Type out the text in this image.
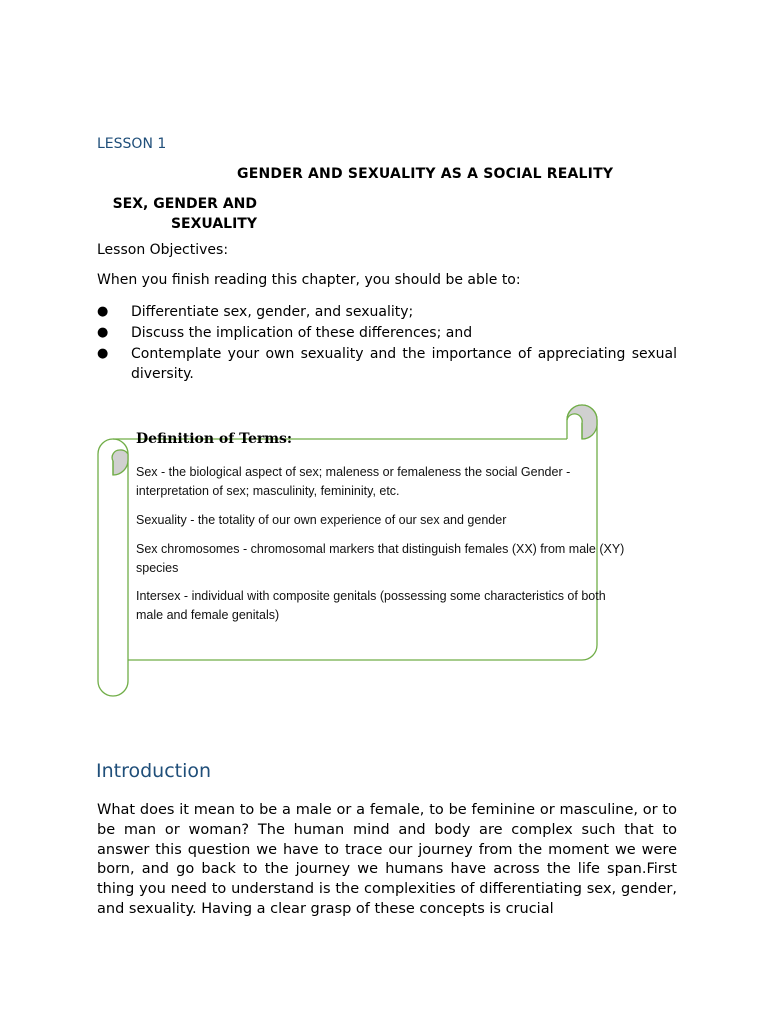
LESSON 1
GENDER AND SEXUALITY AS A SOCIAL REALITY
SEX, GENDER AND
SEXUALITY
Lesson Objectives:
When you finish reading this chapter, you should be able to:
● Differentiate sex, gender, and sexuality;
● Discuss the implication of these differences; and
● Contemplate your own sexuality and the importance of appreciating sexual diversity.
Definition of Terms:
Sex - the biological aspect of sex; maleness or femaleness the social Gender - interpretation of sex; masculinity, femininity, etc.
Sexuality - the totality of our own experience of our sex and gender
Sex chromosomes - chromosomal markers that distinguish females (XX) from male (XY) species
Intersex - individual with composite genitals (possessing some characteristics of both male and female genitals)
Introduction
What does it mean to be a male or a female, to be feminine or masculine, or to be man or woman? The human mind and body are complex such that to answer this question we have to trace our journey from the moment we were born, and go back to the journey we humans have across the life span.First thing you need to understand is the complexities of differentiating sex, gender, and sexuality. Having a clear grasp of these concepts is crucial
